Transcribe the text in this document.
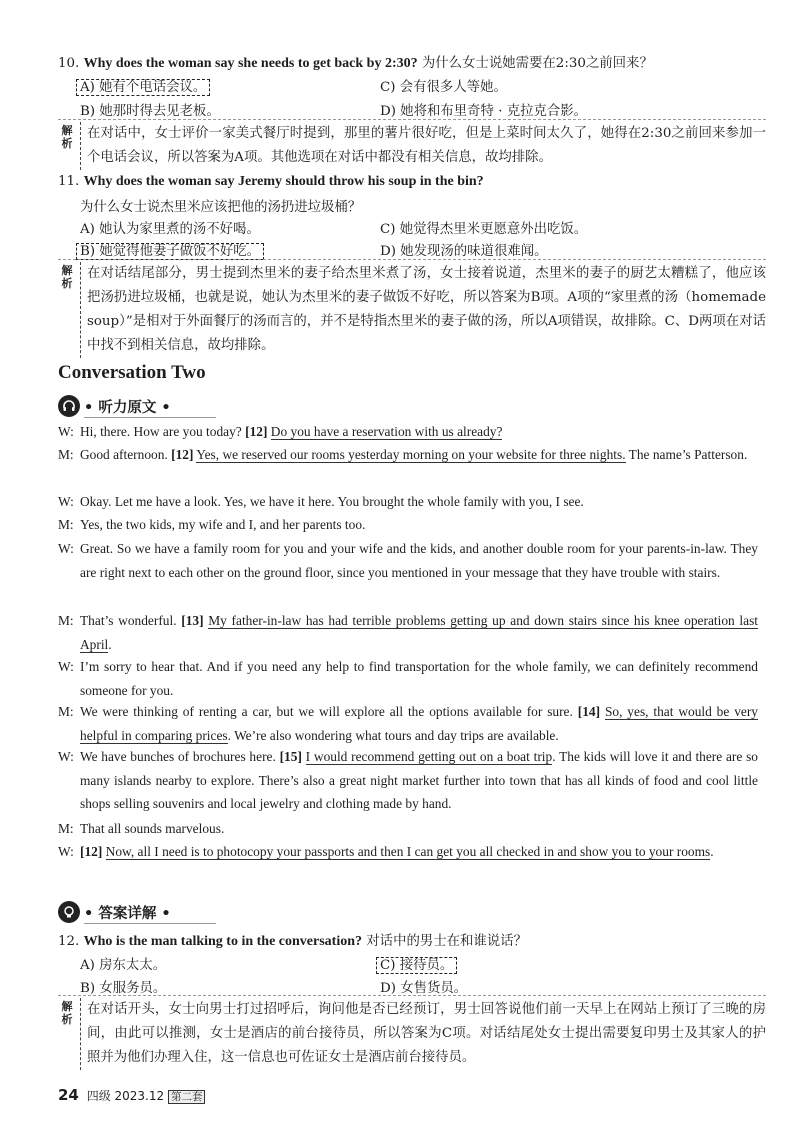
10. Why does the woman say she needs to get back by 2:30? 为什么女士说她需要在2:30之前回来？
A) 她有个电话会议。	C) 会有很多人等她。
B) 她那时得去见老板。	D) 她将和布里奇特 · 克拉克合影。
解析
在对话中，女士评价一家美式餐厅时提到，那里的薯片很好吃，但是上菜时间太久了，她得在2:30之前回来参加一个电话会议，所以答案为A项。其他选项在对话中都没有相关信息，故均排除。
11. Why does the woman say Jeremy should throw his soup in the bin?
为什么女士说杰里米应该把他的汤扔进垃圾桶？
A) 她认为家里煮的汤不好喝。	C) 她觉得杰里米更愿意外出吃饭。
B) 她觉得他妻子做饭不好吃。	D) 她发现汤的味道很难闻。
解析
在对话结尾部分，男士提到杰里米的妻子给杰里米煮了汤，女士接着说道，杰里米的妻子的厨艺太糟糕了，他应该把汤扔进垃圾桶，也就是说，她认为杰里米的妻子做饭不好吃，所以答案为B项。A项的“家里煮的汤（homemade soup）”是相对于外面餐厅的汤而言的，并不是特指杰里米的妻子做的汤，所以A项错误，故排除。C、D两项在对话中找不到相关信息，故均排除。
Conversation Two
• 听力原文 •
W: Hi, there. How are you today? [12] Do you have a reservation with us already?
M: Good afternoon. [12] Yes, we reserved our rooms yesterday morning on your website for three nights. The name’s Patterson.
W: Okay. Let me have a look. Yes, we have it here. You brought the whole family with you, I see.
M: Yes, the two kids, my wife and I, and her parents too.
W: Great. So we have a family room for you and your wife and the kids, and another double room for your parents-in-law. They are right next to each other on the ground floor, since you mentioned in your message that they have trouble with stairs.
M: That’s wonderful. [13] My father-in-law has had terrible problems getting up and down stairs since his knee operation last April.
W: I’m sorry to hear that. And if you need any help to find transportation for the whole family, we can definitely recommend someone for you.
M: We were thinking of renting a car, but we will explore all the options available for sure. [14] So, yes, that would be very helpful in comparing prices. We’re also wondering what tours and day trips are available.
W: We have bunches of brochures here. [15] I would recommend getting out on a boat trip. The kids will love it and there are so many islands nearby to explore. There’s also a great night market further into town that has all kinds of food and cool little shops selling souvenirs and local jewelry and clothing made by hand.
M: That all sounds marvelous.
W: [12] Now, all I need is to photocopy your passports and then I can get you all checked in and show you to your rooms.
• 答案详解 •
12. Who is the man talking to in the conversation? 对话中的男士在和谁说话？
A) 房东太太。	C) 接待员。
B) 女服务员。	D) 女售货员。
解析
在对话开头，女士向男士打过招呼后，询问他是否已经预订，男士回答说他们前一天早上在网站上预订了三晚的房间，由此可以推测，女士是酒店的前台接待员，所以答案为C项。对话结尾处女士提出需要复印男士及其家人的护照并为他们办理入住，这一信息也可佐证女士是酒店前台接待员。
24 四级 2023.12 第二套
